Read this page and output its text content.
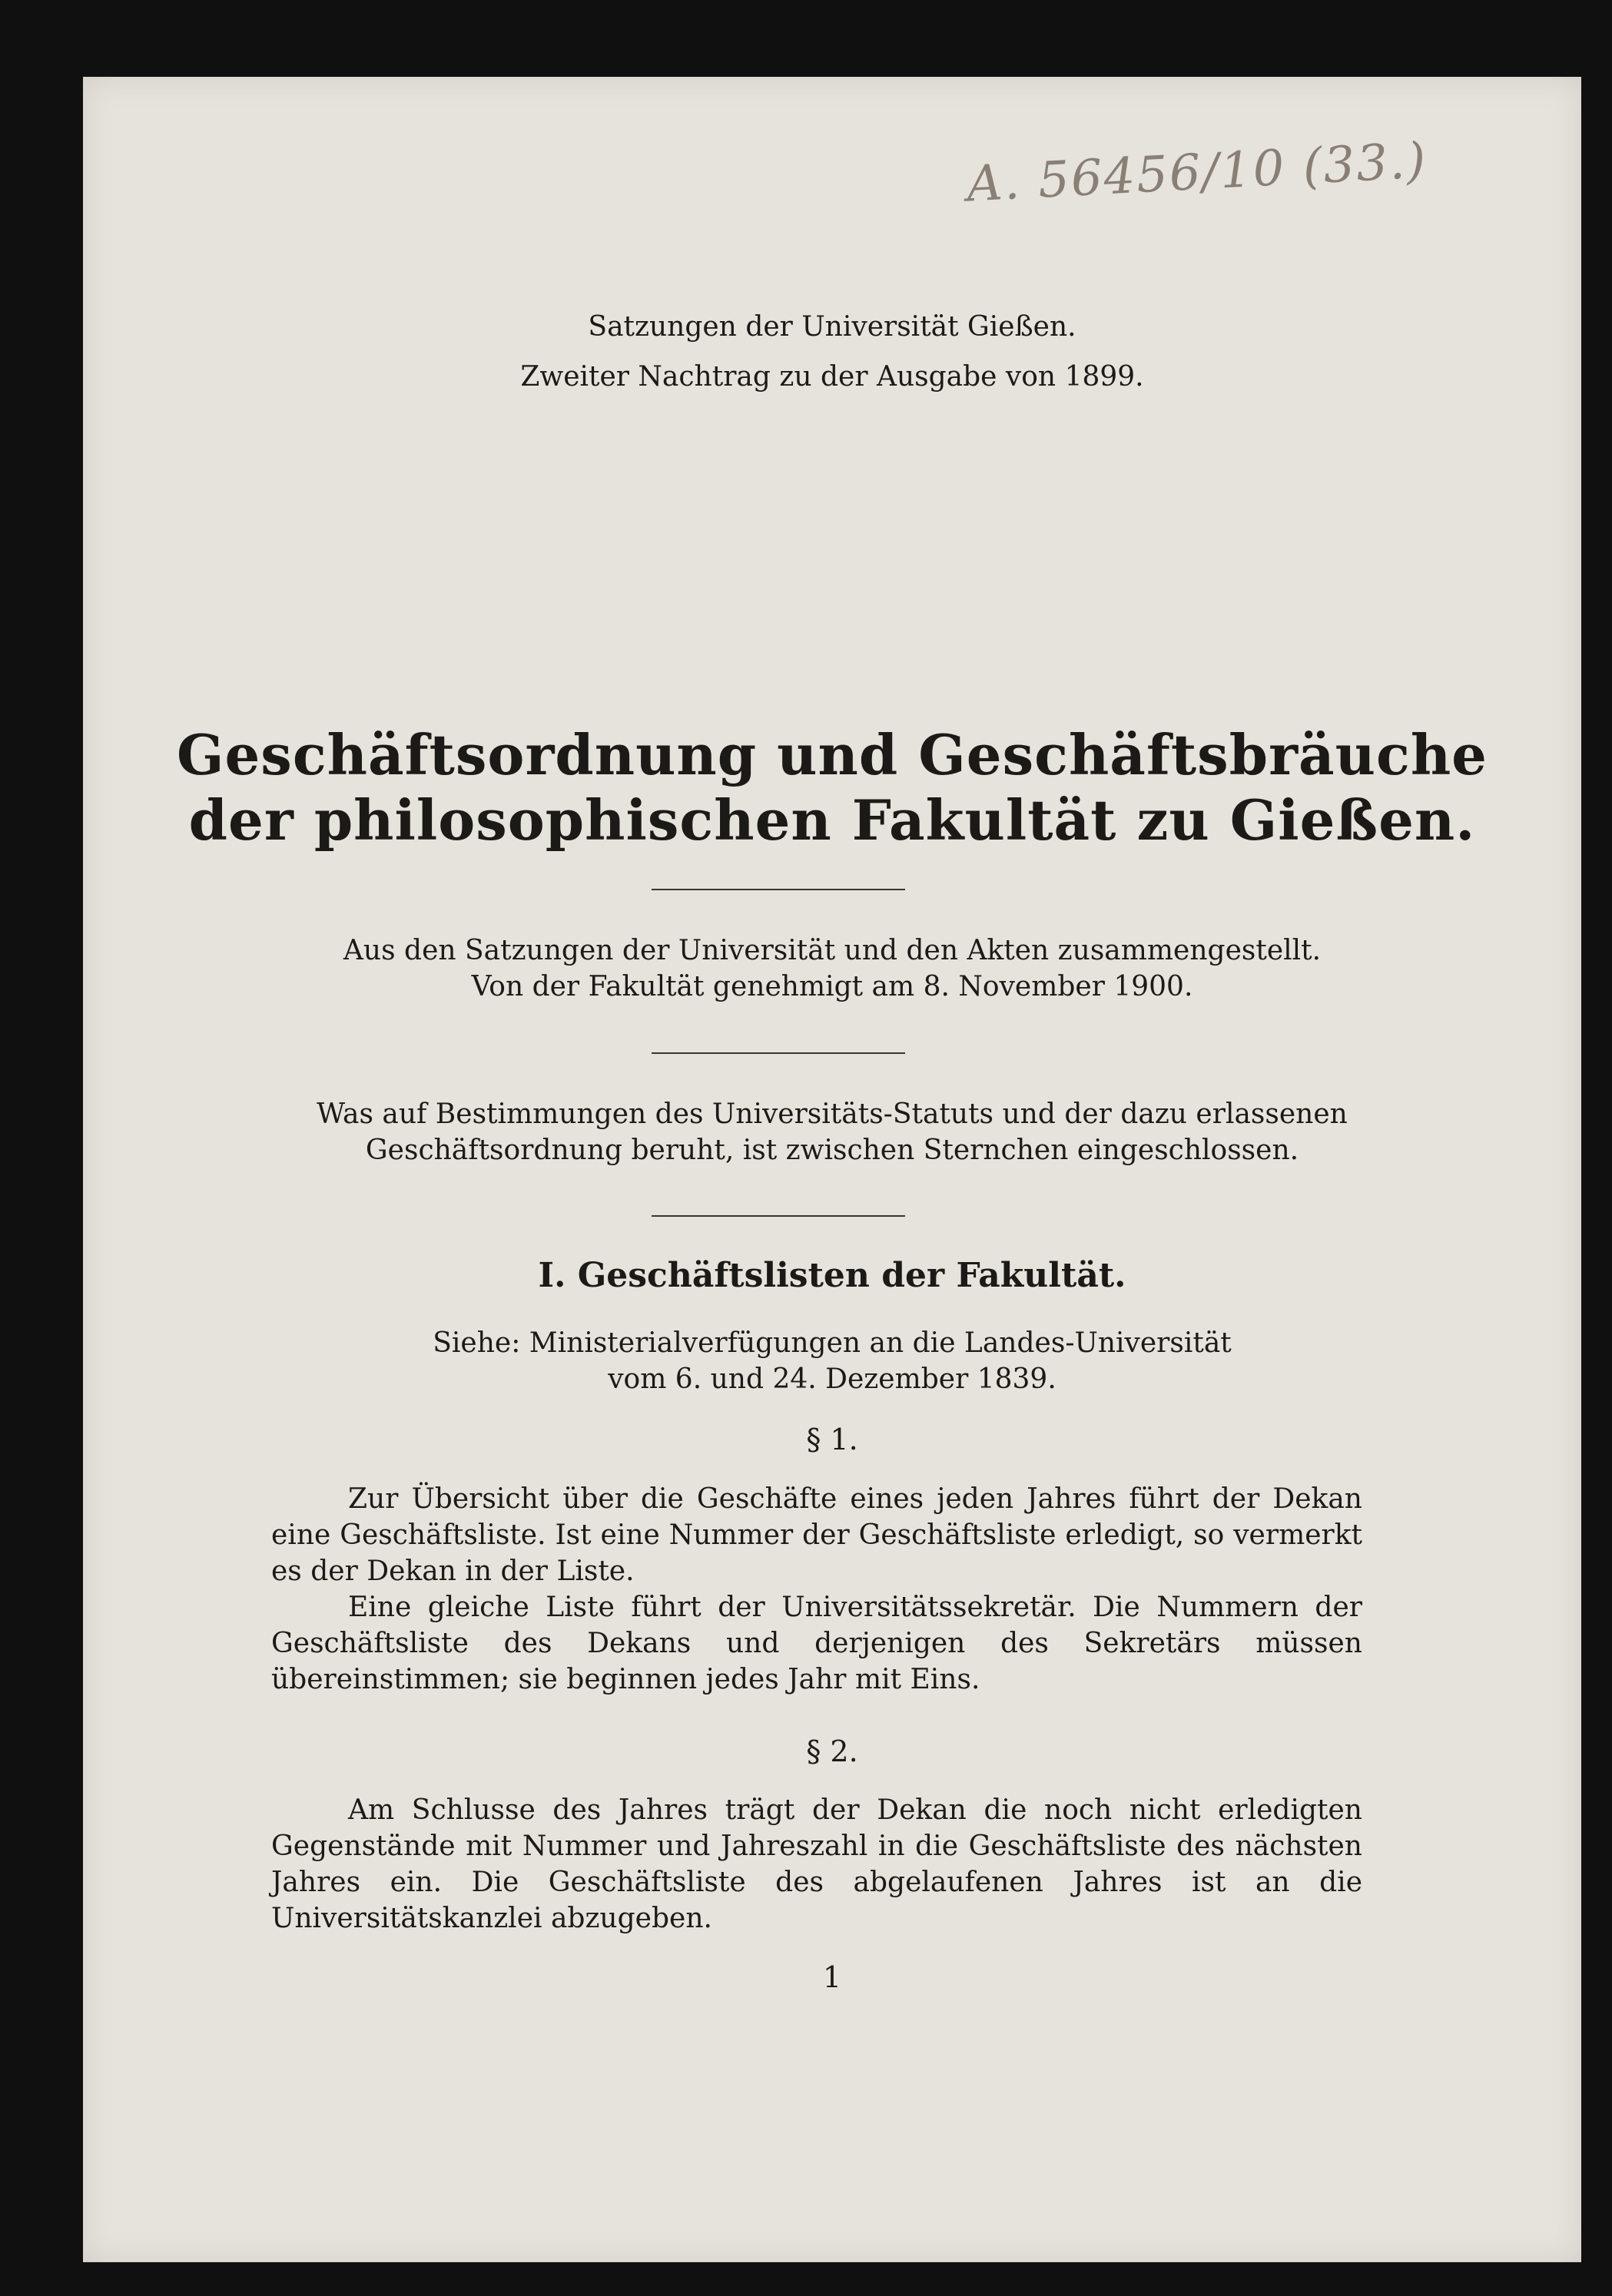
A. 56456/10 (33.)
Satzungen der Universität Gießen.
Zweiter Nachtrag zu der Ausgabe von 1899.
Geschäftsordnung und Geschäftsbräuche
der philosophischen Fakultät zu Gießen.
Aus den Satzungen der Universität und den Akten zusammengestellt.
Von der Fakultät genehmigt am 8. November 1900.
Was auf Bestimmungen des Universitäts-Statuts und der dazu erlassenen
Geschäftsordnung beruht, ist zwischen Sternchen eingeschlossen.
I. Geschäftslisten der Fakultät.
Siehe: Ministerialverfügungen an die Landes-Universität
vom 6. und 24. Dezember 1839.
§ 1.

Zur Übersicht über die Geschäfte eines jeden Jahres führt der Dekan eine Geschäftsliste. Ist eine Nummer der Geschäftsliste erledigt, so vermerkt es der Dekan in der Liste.

Eine gleiche Liste führt der Universitätssekretär. Die Nummern der Geschäftsliste des Dekans und derjenigen des Sekretärs müssen übereinstimmen; sie beginnen jedes Jahr mit Eins.

§ 2.

Am Schlusse des Jahres trägt der Dekan die noch nicht erledigten Gegenstände mit Nummer und Jahreszahl in die Geschäftsliste des nächsten Jahres ein. Die Geschäftsliste des abgelaufenen Jahres ist an die Universitätskanzlei abzugeben.

1
